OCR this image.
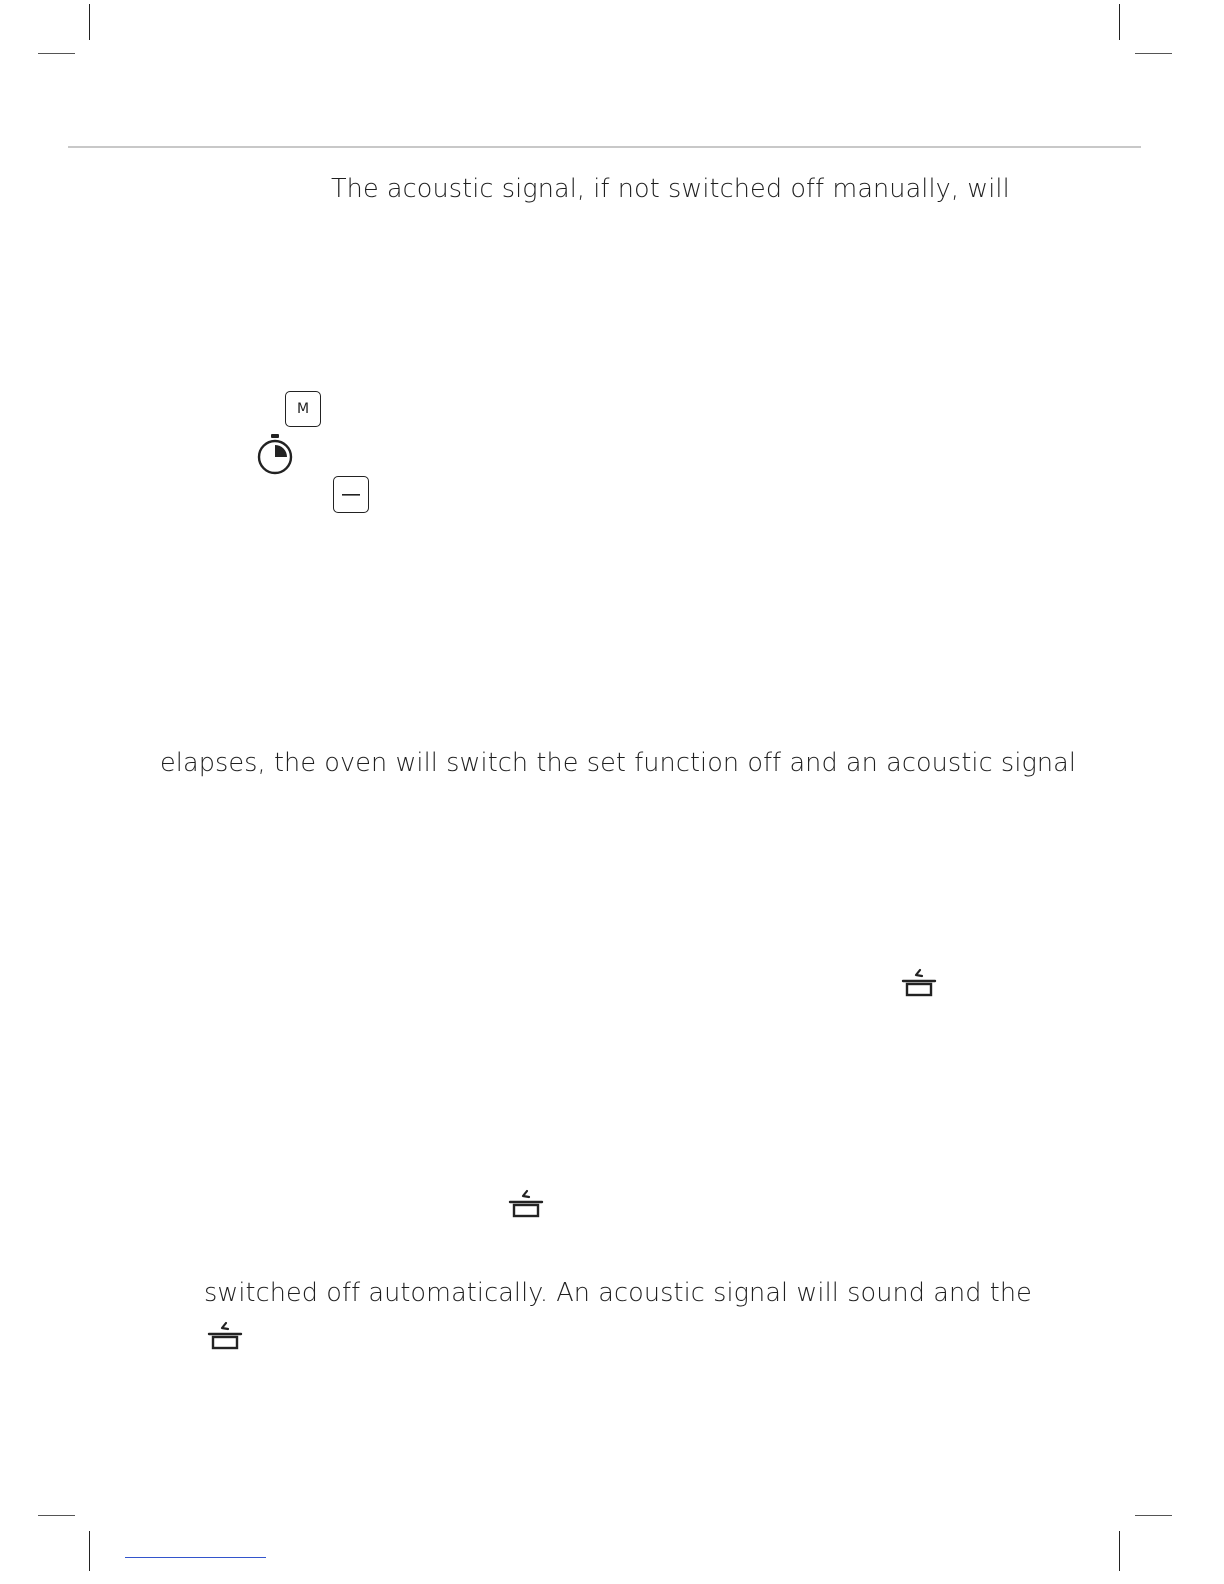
The acoustic signal, if not switched off manually, will
elapses, the oven will switch the set function off and an acoustic signal
switched off automatically. An acoustic signal will sound and the
M
